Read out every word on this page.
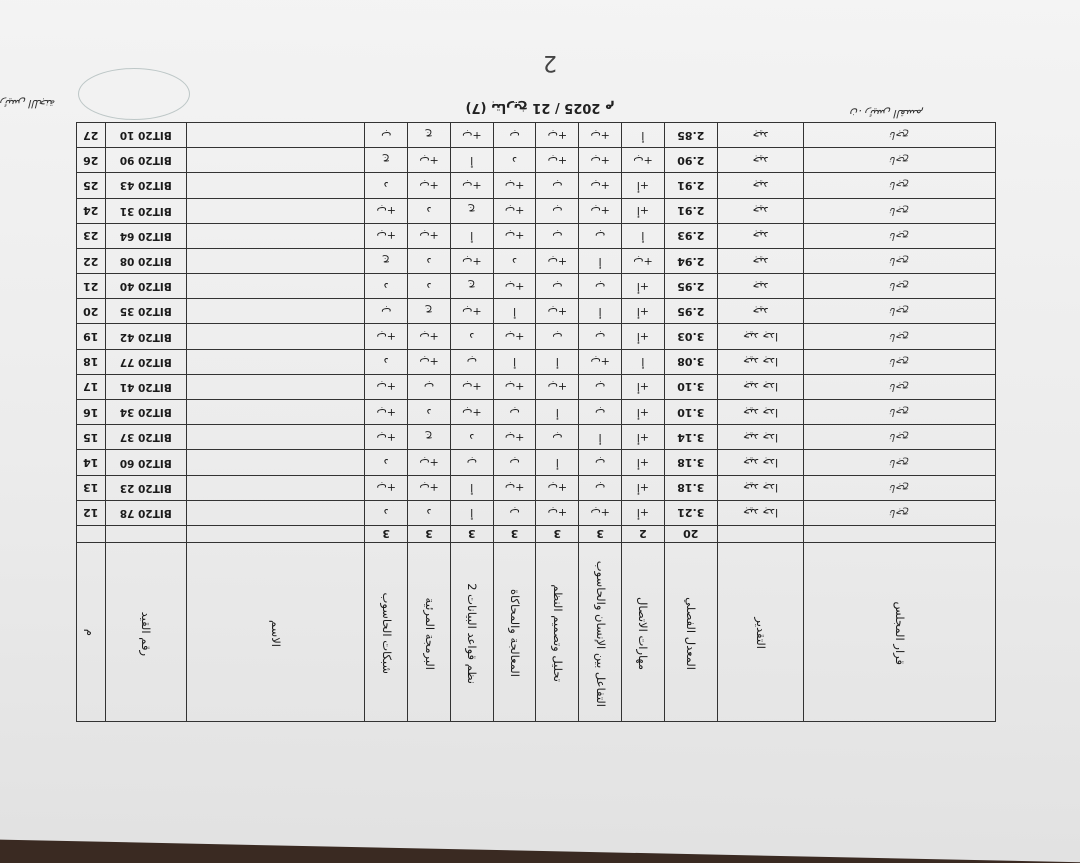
(7) بتاريخ 21 / 2025 م
2
ن. رئيس القسم
رئيس اللجنة
م	رقم القيد	الاسم	شبكات الحاسوب	البرمجة المرئية	نظم قواعد البيانات 2	المعالجة والمحاكاة	تحليل وتصميم النظم	التفاعل بين الإنسان والحاسوب	مهارات الاتصال	المعدل الفصلي	التقدير	قرار المجلس
			3	3	3	3	3	3	2	20		
12	BIT20 78		د	د	أ	ب	ب+	ب+	أ+	3.21	جيد جدا	ناجح
13	BIT20 23		ب+	ب+	أ	ب+	ب+	ب	أ+	3.18	جيد جدا	ناجح
14	BIT20 60		د	ب+	ب	ب	أ	ب	أ+	3.18	جيد جدا	ناجح
15	BIT20 37		ب+	ج	د	ب+	ب	أ	أ+	3.14	جيد جدا	ناجح
16	BIT20 34		ب+	د	ب+	ب	أ	ب	أ+	3.10	جيد جدا	ناجح
17	BIT20 41		ب+	ب	ب+	ب+	ب+	ب	أ+	3.10	جيد جدا	ناجح
18	BIT20 77		د	ب+	ب	أ	أ	ب+	أ	3.08	جيد جدا	ناجح
19	BIT20 42		ب+	ب+	د	ب+	ب	ب	أ+	3.03	جيد جدا	ناجح
20	BIT20 35		ب	ج	ب+	أ	ب+	أ	أ+	2.95	جيد	ناجح
21	BIT20 40		د	د	ج	ب+	ب	ب	أ+	2.95	جيد	ناجح
22	BIT20 08		ج	د	ب+	د	ب+	أ	ب+	2.94	جيد	ناجح
23	BIT20 64		ب+	ب+	أ	ب+	ب	ب	أ	2.93	جيد	ناجح
24	BIT20 31		ب+	د	ج	ب+	ب	ب+	أ+	2.91	جيد	ناجح
25	BIT20 43		د	ب+	ب+	ب+	ب	ب+	أ+	2.91	جيد	ناجح
26	BIT20 90		ج	ب+	أ	د	ب+	ب+	ب+	2.90	جيد	ناجح
27	BIT20 10		ب	ج	ب+	ب	ب+	ب+	أ	2.85	جيد	ناجح
